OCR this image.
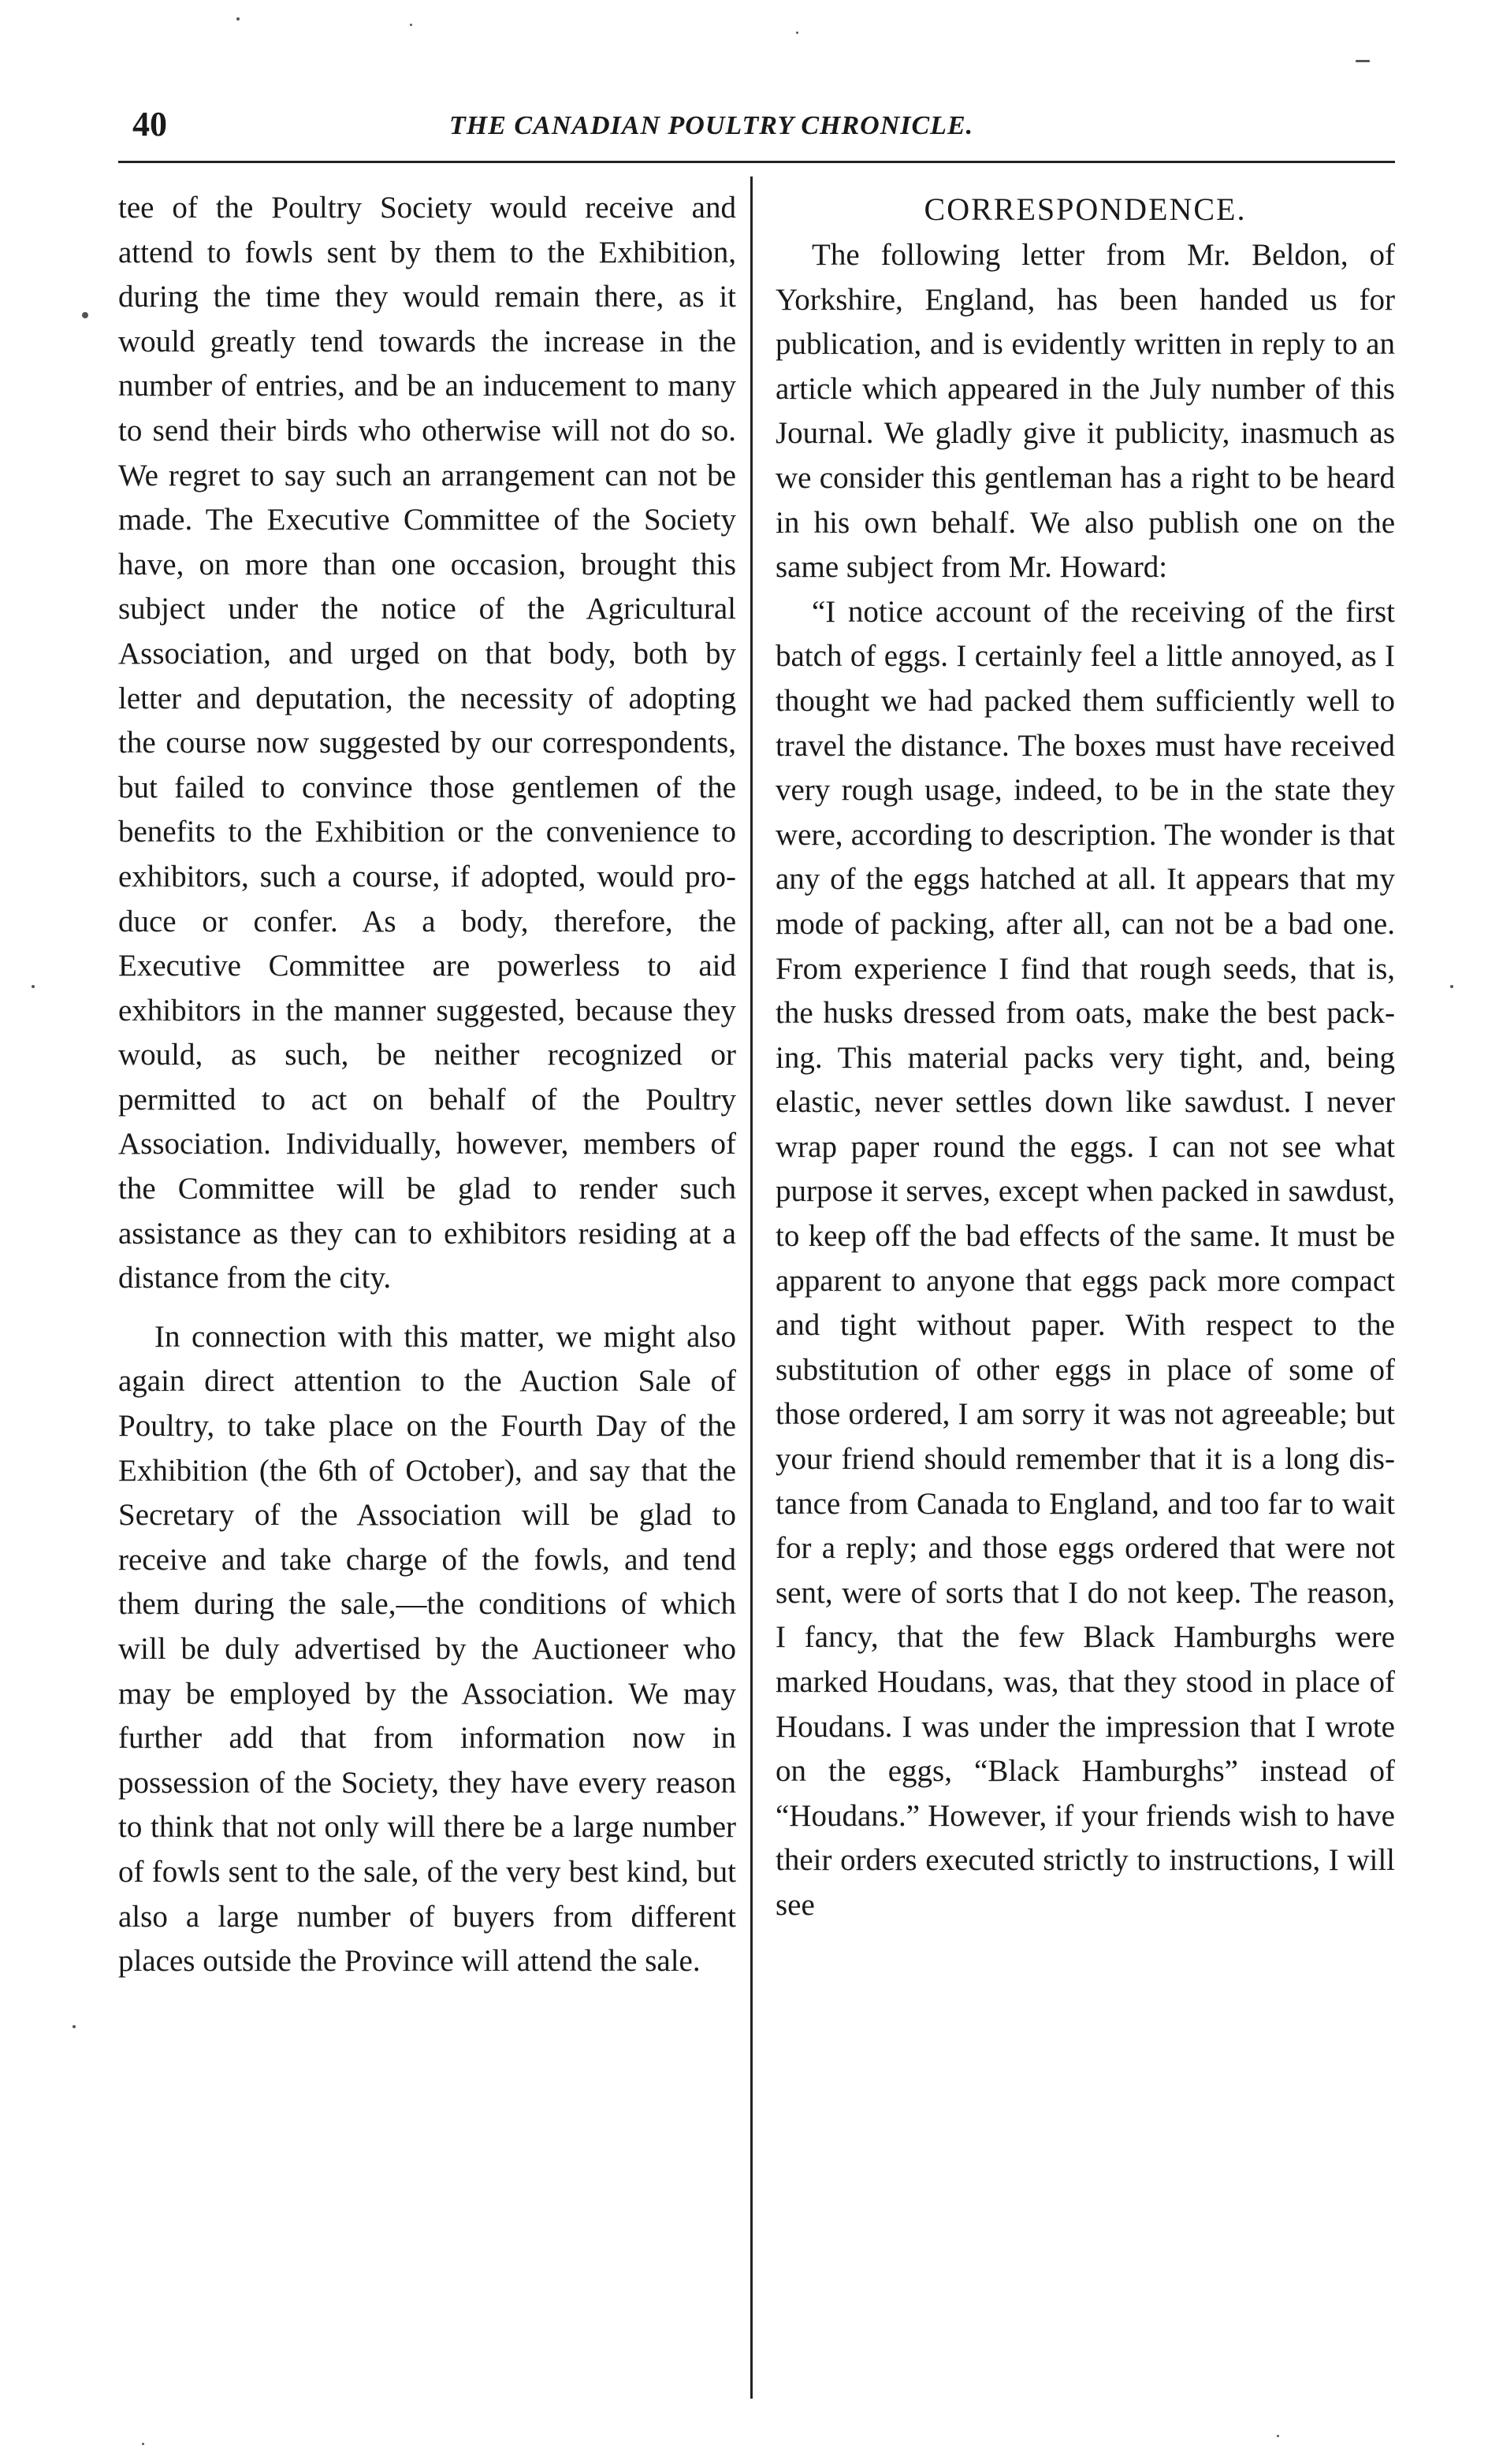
40	THE CANADIAN POULTRY CHRONICLE.

tee of the Poultry Society would receive and attend to fowls sent by them to the Exhibition, during the time they would remain there, as it would greatly tend towards the increase in the number of entries, and be an inducement to many to send their birds who otherwise will not do so. We regret to say such an arrangement can not be made. The Executive Committee of the Society have, on more than one occasion, brought this subject under the notice of the Agricultural Association, and urged on that body, both by letter and deputation, the necessity of adopting the course now suggested by our correspondents, but failed to convince those gentlemen of the benefits to the Exhibition or the convenience to exhibitors, such a course, if adopted, would produce or confer. As a body, therefore, the Executive Committee are powerless to aid exhibitors in the manner suggested, because they would, as such, be neither recognized or permitted to act on behalf of the Poultry Association. Individually, however, members of the Committee will be glad to render such assistance as they can to exhibitors residing at a distance from the city.

In connection with this matter, we might also again direct attention to the Auction Sale of Poultry, to take place on the Fourth Day of the Exhibition (the 6th of October), and say that the Secretary of the Association will be glad to receive and take charge of the fowls, and tend them during the sale,—the conditions of which will be duly advertised by the Auctioneer who may be employed by the Association. We may further add that from information now in possession of the Society, they have every reason to think that not only will there be a large number of fowls sent to the sale, of the very best kind, but also a large number of buyers from different places outside the Province will attend the sale.

CORRESPONDENCE.

The following letter from Mr. Beldon, of Yorkshire, England, has been handed us for publication, and is evidently written in reply to an article which appeared in the July number of this Journal. We gladly give it publicity, inasmuch as we consider this gentleman has a right to be heard in his own behalf. We also publish one on the same subject from Mr. Howard:

“I notice account of the receiving of the first batch of eggs. I certainly feel a little annoyed, as I thought we had packed them sufficiently well to travel the distance. The boxes must have received very rough usage, indeed, to be in the state they were, according to description. The wonder is that any of the eggs hatched at all. It appears that my mode of packing, after all, can not be a bad one. From experience I find that rough seeds, that is, the husks dressed from oats, make the best packing. This material packs very tight, and, being elastic, never settles down like sawdust. I never wrap paper round the eggs. I can not see what purpose it serves, except when packed in sawdust, to keep off the bad effects of the same. It must be apparent to anyone that eggs pack more compact and tight without paper. With respect to the substitution of other eggs in place of some of those ordered, I am sorry it was not agreeable; but your friend should remember that it is a long distance from Canada to England, and too far to wait for a reply; and those eggs ordered that were not sent, were of sorts that I do not keep. The reason, I fancy, that the few Black Hamburghs were marked Houdans, was, that they stood in place of Houdans. I was under the impression that I wrote on the eggs, “Black Hamburghs” instead of “Houdans.” However, if your friends wish to have their orders executed strictly to instructions, I will see
